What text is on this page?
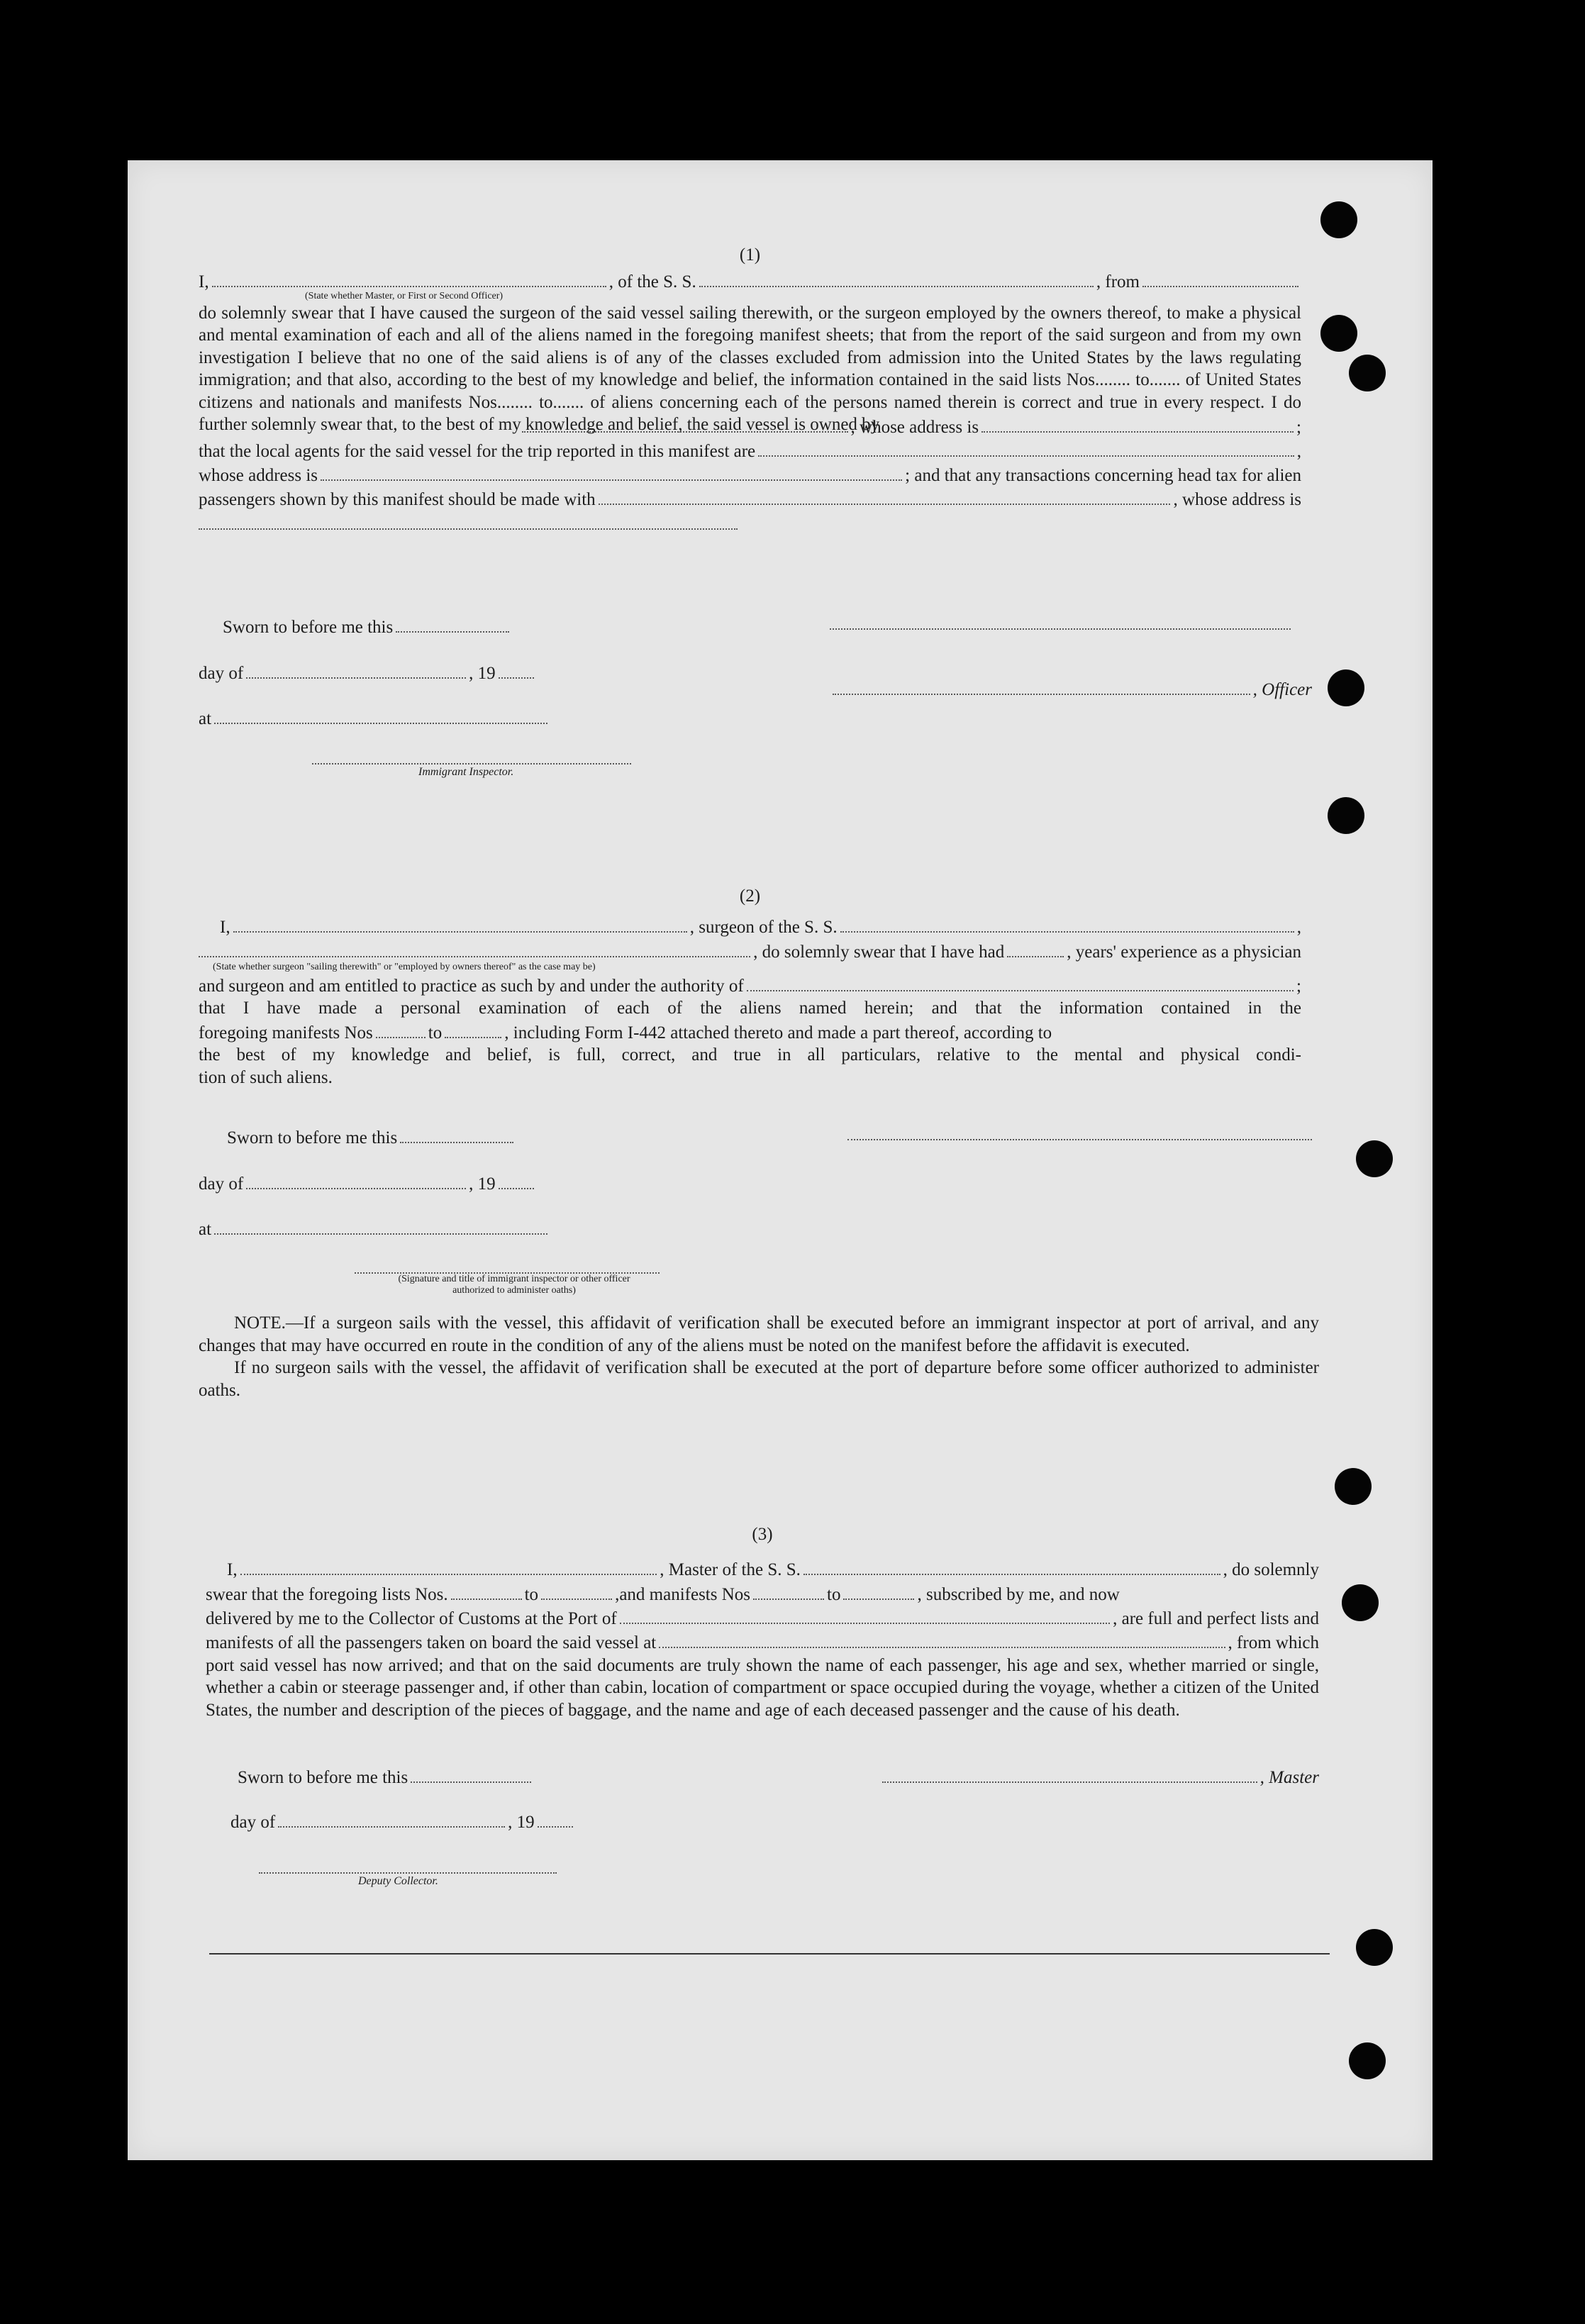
(1)
I,	, of the S. S.	, from
(State whether Master, or First or Second Officer)

do solemnly swear that I have caused the surgeon of the said vessel sailing therewith, or the surgeon employed by the owners thereof, to make a physical and mental examination of each and all of the aliens named in the foregoing manifest sheets; that from the report of the said surgeon and from my own investigation I believe that no one of the said aliens is of any of the classes excluded from admission into the United States by the laws regulating immigration; and that also, according to the best of my knowledge and belief, the information contained in the said lists Nos........ to....... of United States citizens and nationals and manifests Nos........ to....... of aliens concerning each of the persons named therein is correct and true in every respect. I do further solemnly swear that, to the best of my knowledge and belief, the said vessel is owned by

, whose address is	;
that the local agents for the said vessel for the trip reported in this manifest are	,
whose address is	; and that any transactions concerning head tax for alien
passengers shown by this manifest should be made with	, whose address is
Sworn to before me this
day of	, 19
at
Immigrant Inspector.
, Officer
(2)
I,	, surgeon of the S. S.	,
, do solemnly swear that I have had	, years' experience as a physician
(State whether surgeon "sailing therewith" or "employed by owners thereof" as the case may be)
and surgeon and am entitled to practice as such by and under the authority of	;
that I have made a personal examination of each of the aliens named herein; and that the information contained in the
foregoing manifests Nos	to	, including Form I-442 attached thereto and made a part thereof, according to
the best of my knowledge and belief, is full, correct, and true in all particulars, relative to the mental and physical condi-
tion of such aliens.
Sworn to before me this
day of	, 19
at
(Signature and title of immigrant inspector or other officer authorized to administer oaths)

NOTE.—If a surgeon sails with the vessel, this affidavit of verification shall be executed before an immigrant inspector at port of arrival, and any changes that may have occurred en route in the condition of any of the aliens must be noted on the manifest before the affidavit is executed.

If no surgeon sails with the vessel, the affidavit of verification shall be executed at the port of departure before some officer authorized to administer oaths.

(3)
I,	, Master of the S. S.	, do solemnly
swear that the foregoing lists Nos.	to	,and manifests Nos	to	, subscribed by me, and now
delivered by me to the Collector of Customs at the Port of	, are full and perfect lists and
manifests of all the passengers taken on board the said vessel at	, from which

port said vessel has now arrived; and that on the said documents are truly shown the name of each passenger, his age and sex, whether married or single, whether a cabin or steerage passenger and, if other than cabin, location of compartment or space occupied during the voyage, whether a citizen of the United States, the number and description of the pieces of baggage, and the name and age of each deceased passenger and the cause of his death.

Sworn to before me this
day of	, 19
Deputy Collector.
, Master
